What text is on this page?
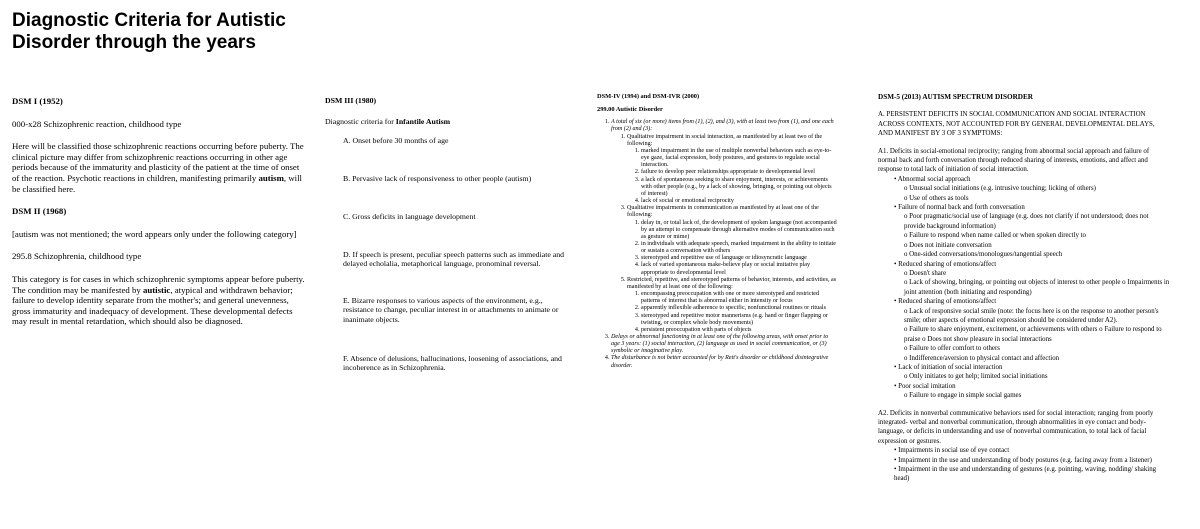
Diagnostic Criteria for Autistic Disorder through the years

DSM I (1952)

000-x28 Schizophrenic reaction, childhood type

Here will be classified those schizophrenic reactions occurring before puberty. The clinical picture may differ from schizophrenic reactions occurring in other age periods because of the immaturity and plasticity of the patient at the time of onset of the reaction. Psychotic reactions in children, manifesting primarily autism, will be classified here.

DSM II (1968)

[autism was not mentioned; the word appears only under the following category]

295.8 Schizophrenia, childhood type

This category is for cases in which schizophrenic symptoms appear before puberty. The condition may be manifested by autistic, atypical and withdrawn behavior; failure to develop identity separate from the mother's; and general unevenness, gross immaturity and inadequacy of development. These developmental defects may result in mental retardation, which should also be diagnosed.

DSM III (1980)

Diagnostic criteria for Infantile Autism

A. Onset before 30 months of age

B. Pervasive lack of responsiveness to other people (autism)

C. Gross deficits in language development

D. If speech is present, peculiar speech patterns such as immediate and delayed echolalia, metaphorical language, pronominal reversal.

E. Bizarre responses to various aspects of the environment, e.g., resistance to change, peculiar interest in or attachments to animate or inanimate objects.

F. Absence of delusions, hallucinations, loosening of associations, and incoherence as in Schizophrenia.

DSM-IV (1994) and DSM-IVR (2000)

299.00 Autistic Disorder

1. A total of six (or more) items from (1), (2), and (3), with at least two from (1), and one each from (2) and (3):
1. Qualitative impairment in social interaction, as manifested by at least two of the following:
1. marked impairment in the use of multiple nonverbal behaviors such as eye-to-eye gaze, facial expression, body postures, and gestures to regulate social interaction.
2. failure to develop peer relationships appropriate to developmental level
3. a lack of spontaneous seeking to share enjoyment, interests, or achievements with other people (e.g., by a lack of showing, bringing, or pointing out objects of interest)
4. lack of social or emotional reciprocity
3. Qualitative impairments in communication as manifested by at least one of the following:
1. delay in, or total lack of, the development of spoken language (not accompanied by an attempt to compensate through alternative modes of communication such as gesture or mime)
2. in individuals with adequate speech, marked impairment in the ability to initiate or sustain a conversation with others
3. stereotyped and repetitive use of language or idiosyncratic language
4. lack of varied spontaneous make-believe play or social imitative play appropriate to developmental level
5. Restricted, repetitive, and stereotyped patterns of behavior, interests, and activities, as manifested by at least one of the following:
1. encompassing preoccupation with one or more stereotyped and restricted patterns of interest that is abnormal either in intensity or focus
2. apparently inflexible adherence to specific, nonfunctional routines or rituals
3. stereotyped and repetitive motor mannerisms (e.g. hand or finger flapping or twisting, or complex whole body movements)
4. persistent preoccupation with parts of objects
3. Delays or abnormal functioning in at least one of the following areas, with onset prior to age 3 years: (1) social interaction, (2) language as used in social communication, or (3) symbolic or imaginative play.
4. The disturbance is not better accounted for by Rett's disorder or childhood disintegrative disorder.

DSM-5 (2013) AUTISM SPECTRUM DISORDER

A. PERSISTENT DEFICITS IN SOCIAL COMMUNICATION AND SOCIAL INTERACTION ACROSS CONTEXTS, NOT ACCOUNTED FOR BY GENERAL DEVELOPMENTAL DELAYS, AND MANIFEST BY 3 OF 3 SYMPTOMS:

A1. Deficits in social-emotional reciprocity; ranging from abnormal social approach and failure of normal back and forth conversation through reduced sharing of interests, emotions, and affect and response to total lack of initiation of social interaction.

• Abnormal social approach

o Unusual social initiations (e.g. intrusive touching; licking of others)

o Use of others as tools

• Failure of normal back and forth conversation

o Poor pragmatic/social use of language (e.g. does not clarify if not understood; does not provide background information)

o Failure to respond when name called or when spoken directly to

o Does not initiate conversation

o One-sided conversations/monologues/tangential speech

• Reduced sharing of emotions/affect

o Doesn't share

o Lack of showing, bringing, or pointing out objects of interest to other people o Impairments in joint attention (both initiating and responding)

• Reduced sharing of emotions/affect

o Lack of responsive social smile (note: the focus here is on the response to another person's smile; other aspects of emotional expression should be considered under A2).

o Failure to share enjoyment, excitement, or achievements with others o Failure to respond to praise o Does not show pleasure in social interactions

o Failure to offer comfort to others

o Indifference/aversion to physical contact and affection

• Lack of initiation of social interaction

o Only initiates to get help; limited social initiations

• Poor social imitation

o Failure to engage in simple social games

A2. Deficits in nonverbal communicative behaviors used for social interaction; ranging from poorly integrated- verbal and nonverbal communication, through abnormalities in eye contact and body-language, or deficits in understanding and use of nonverbal communication, to total lack of facial expression or gestures.

• Impairments in social use of eye contact

• Impairment in the use and understanding of body postures (e.g. facing away from a listener)

• Impairment in the use and understanding of gestures (e.g. pointing, waving, nodding/ shaking head)
